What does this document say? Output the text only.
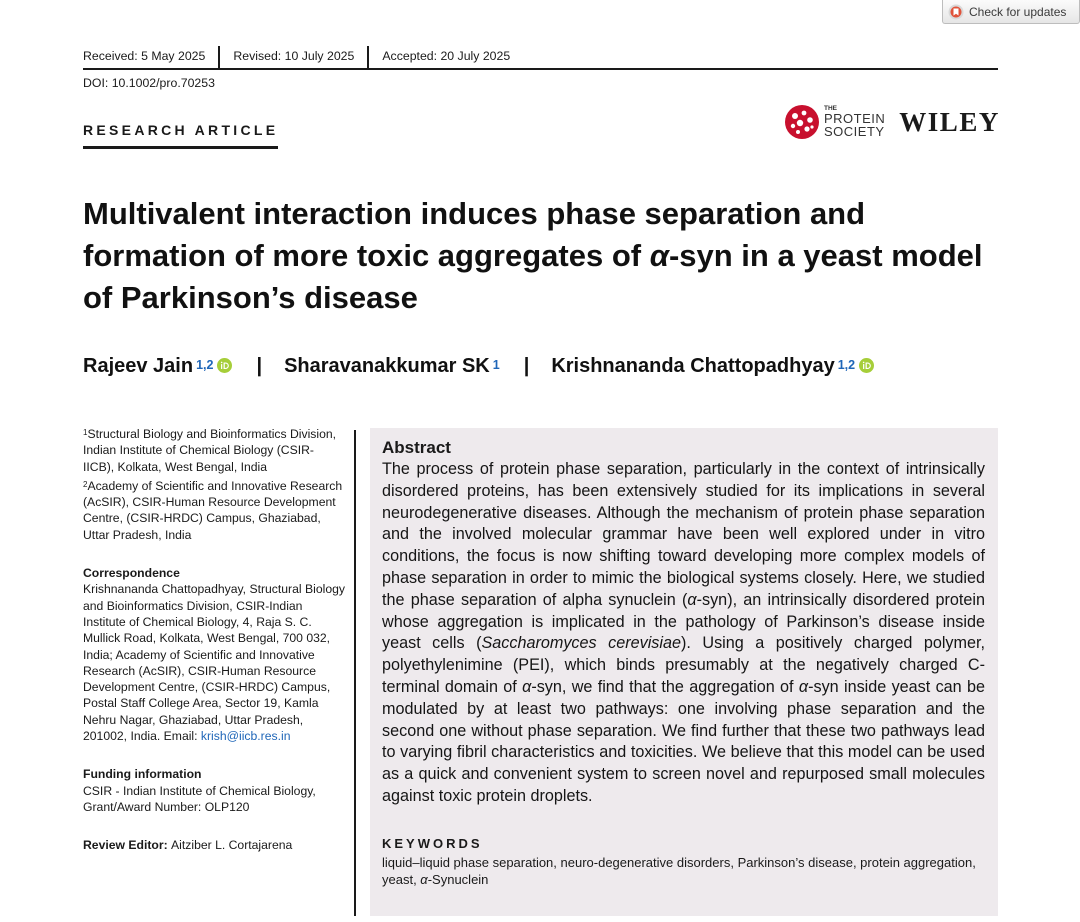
Check for updates
Received: 5 May 2025 Revised: 10 July 2025 Accepted: 20 July 2025
DOI: 10.1002/pro.70253
RESEARCH ARTICLE
THE
PROTEIN
SOCIETY WILEY
Multivalent interaction induces phase separation and formation of more toxic aggregates of α-syn in a yeast model of Parkinson’s disease
Rajeev Jain$^{1,2}$ | Sharavanakkumar $SK^1$ | Krishnananda Chattopadhyay$^{1,2}$
$^1$Structural Biology and Bioinformatics Division, Indian Institute of Chemical Biology (CSIR-IICB), Kolkata, West Bengal, India
$^2$Academy of Scientific and Innovative Research (AcSIR), CSIR-Human Resource Development Centre, (CSIR-HRDC) Campus, Ghaziabad, Uttar Pradesh, India
Correspondence
Krishnananda Chattopadhyay, Structural Biology and Bioinformatics Division, CSIR-Indian Institute of Chemical Biology, 4, Raja S. C. Mullick Road, Kolkata, West Bengal, 700 032, India; Academy of Scientific and Innovative Research (AcSIR), CSIR-Human Resource Development Centre, (CSIR-HRDC) Campus, Postal Staff College Area, Sector 19, Kamla Nehru Nagar, Ghaziabad, Uttar Pradesh, 201002, India. Email: krish@iicb.res.in
Funding information
CSIR - Indian Institute of Chemical Biology, Grant/Award Number: OLP120
Review Editor: Aitziber L. Cortajarena
Abstract

The process of protein phase separation, particularly in the context of intrinsically disordered proteins, has been extensively studied for its implications in several neurodegenerative diseases. Although the mechanism of protein phase separation and the involved molecular grammar have been well explored under in vitro conditions, the focus is now shifting toward developing more complex models of phase separation in order to mimic the biological systems closely. Here, we studied the phase separation of alpha synuclein (α-syn), an intrinsically disordered protein whose aggregation is implicated in the pathology of Parkinson’s disease inside yeast cells (Saccharomyces cerevisiae). Using a positively charged polymer, polyethylenimine (PEI), which binds presumably at the negatively charged C-terminal domain of α-syn, we find that the aggregation of α-syn inside yeast can be modulated by at least two pathways: one involving phase separation and the second one without phase separation. We find further that these two pathways lead to varying fibril characteristics and toxicities. We believe that this model can be used as a quick and convenient system to screen novel and repurposed small molecules against toxic protein droplets.

KEYWORDS
liquid–liquid phase separation, neuro-degenerative disorders, Parkinson’s disease, protein aggregation, yeast, α-Synuclein
